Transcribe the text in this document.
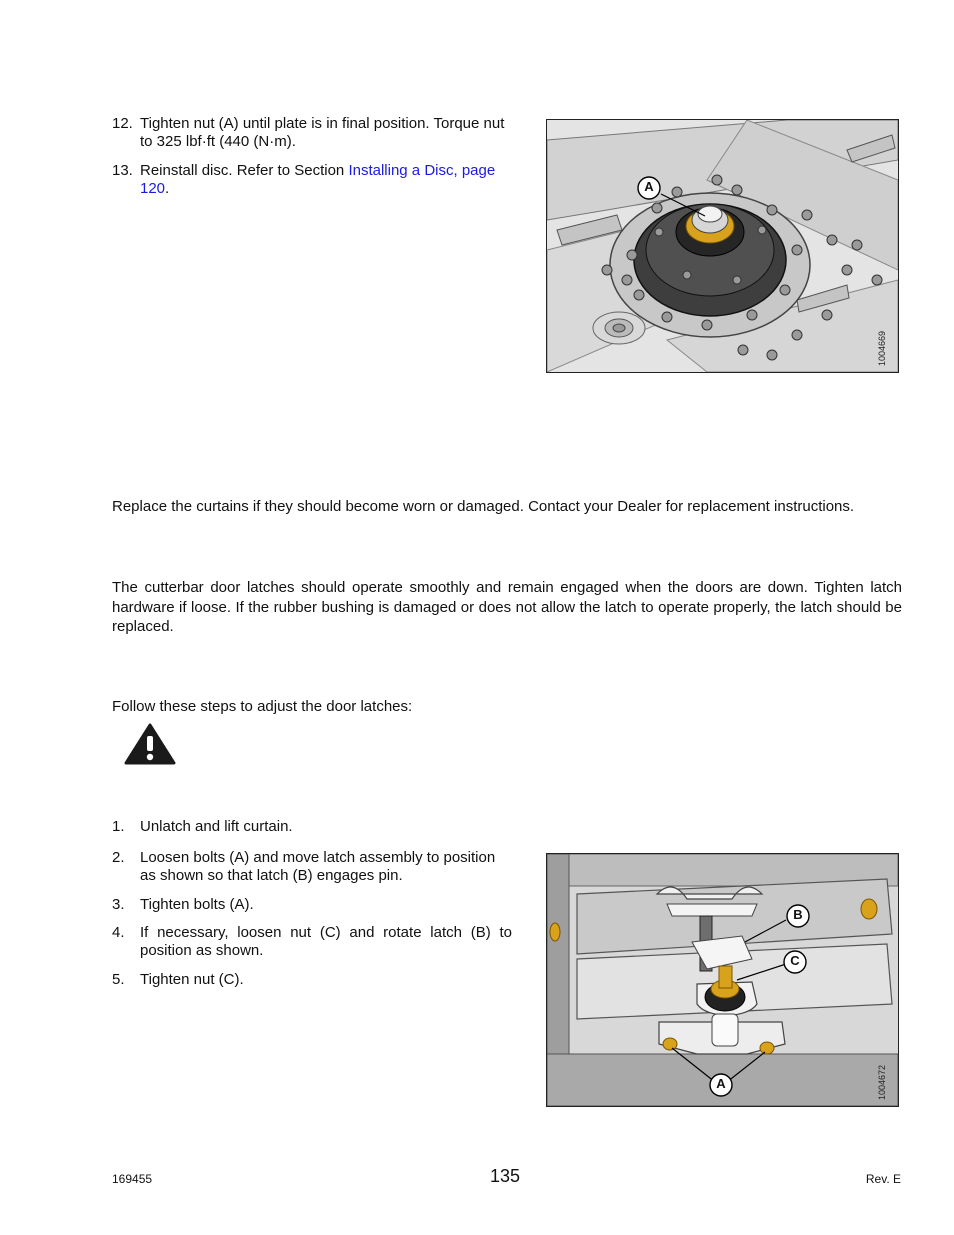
12. Tighten nut (A) until plate is in final position. Torque nut to 325 lbf·ft (440 (N·m).
13. Reinstall disc. Refer to Section Installing a Disc, page 120.	A
1004669
Replace the curtains if they should become worn or damaged. Contact your Dealer for replacement instructions.
The cutterbar door latches should operate smoothly and remain engaged when the doors are down. Tighten latch hardware if loose. If the rubber bushing is damaged or does not allow the latch to operate properly, the latch should be replaced.
Follow these steps to adjust the door latches:
1. Unlatch and lift curtain.
2. Loosen bolts (A) and move latch assembly to position as shown so that latch (B) engages pin.
3. Tighten bolts (A).
4. If necessary, loosen nut (C) and rotate latch (B) to position as shown.
5. Tighten nut (C).
B
C
A	1004672
169455	135	Rev. E
